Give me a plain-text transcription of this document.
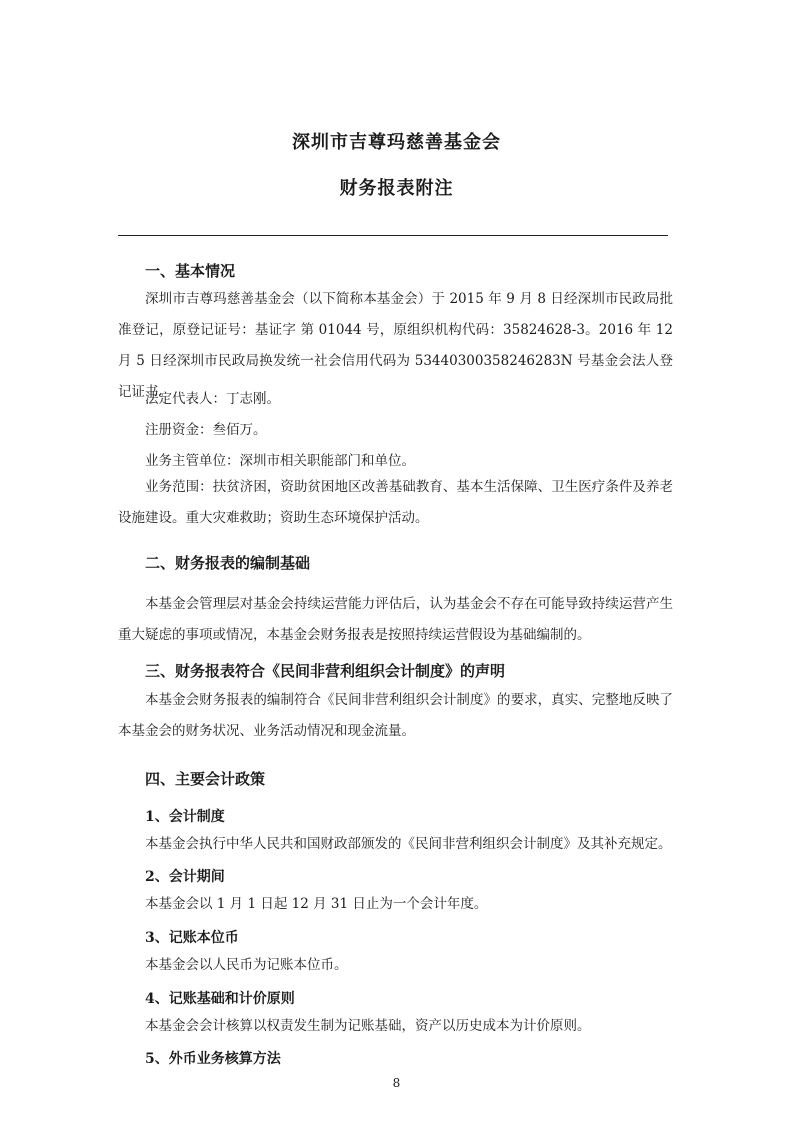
深圳市吉尊玛慈善基金会
财务报表附注
一、基本情况
深圳市吉尊玛慈善基金会（以下简称本基金会）于 2015 年 9 月 8 日经深圳市民政局批准登记，原登记证号：基证字 第 01044 号，原组织机构代码：35824628-3。2016 年 12 月 5 日经深圳市民政局换发统一社会信用代码为 53440300358246283N 号基金会法人登记证书。
法定代表人：丁志刚。
注册资金：叁佰万。
业务主管单位：深圳市相关职能部门和单位。
业务范围：扶贫济困，资助贫困地区改善基础教育、基本生活保障、卫生医疗条件及养老设施建设。重大灾难救助；资助生态环境保护活动。
二、财务报表的编制基础
本基金会管理层对基金会持续运营能力评估后，认为基金会不存在可能导致持续运营产生重大疑虑的事项或情况，本基金会财务报表是按照持续运营假设为基础编制的。
三、财务报表符合《民间非营利组织会计制度》的声明
本基金会财务报表的编制符合《民间非营利组织会计制度》的要求，真实、完整地反映了本基金会的财务状况、业务活动情况和现金流量。
四、主要会计政策
1、会计制度
本基金会执行中华人民共和国财政部颁发的《民间非营利组织会计制度》及其补充规定。
2、会计期间
本基金会以 1 月 1 日起 12 月 31 日止为一个会计年度。
3、记账本位币
本基金会以人民币为记账本位币。
4、记账基础和计价原则
本基金会会计核算以权责发生制为记账基础，资产以历史成本为计价原则。
5、外币业务核算方法
8
